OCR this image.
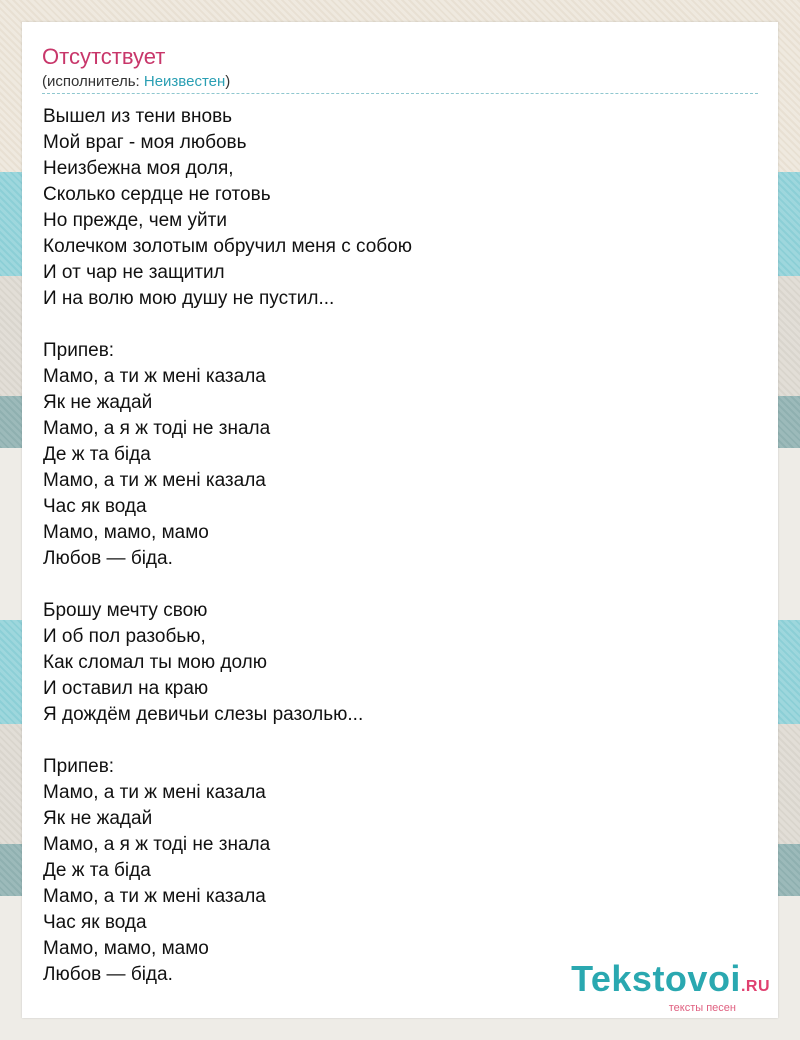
Отсутствует
(исполнитель: Неизвестен)
Вышел из тени вновь
Мой враг - моя любовь
Неизбежна моя доля,
Сколько сердце не готовь
Но прежде, чем уйти
Колечком золотым обручил меня с собою
И от чар не защитил
И на волю мою душу не пустил...
Припев:
Мамо, а ти ж мені казала
Як не жадай
Мамо, а я ж тоді не знала
Де ж та біда
Мамо, а ти ж мені казала
Час як вода
Мамо, мамо, мамо
Любов — біда.
Брошу мечту свою
И об пол разобью,
Как сломал ты мою долю
И оставил на краю
Я дождём девичьи слезы разолью...
Припев:
Мамо, а ти ж мені казала
Як не жадай
Мамо, а я ж тоді не знала
Де ж та біда
Мамо, а ти ж мені казала
Час як вода
Мамо, мамо, мамо
Любов — біда.	Tekstovoi.RU
тексты песен
